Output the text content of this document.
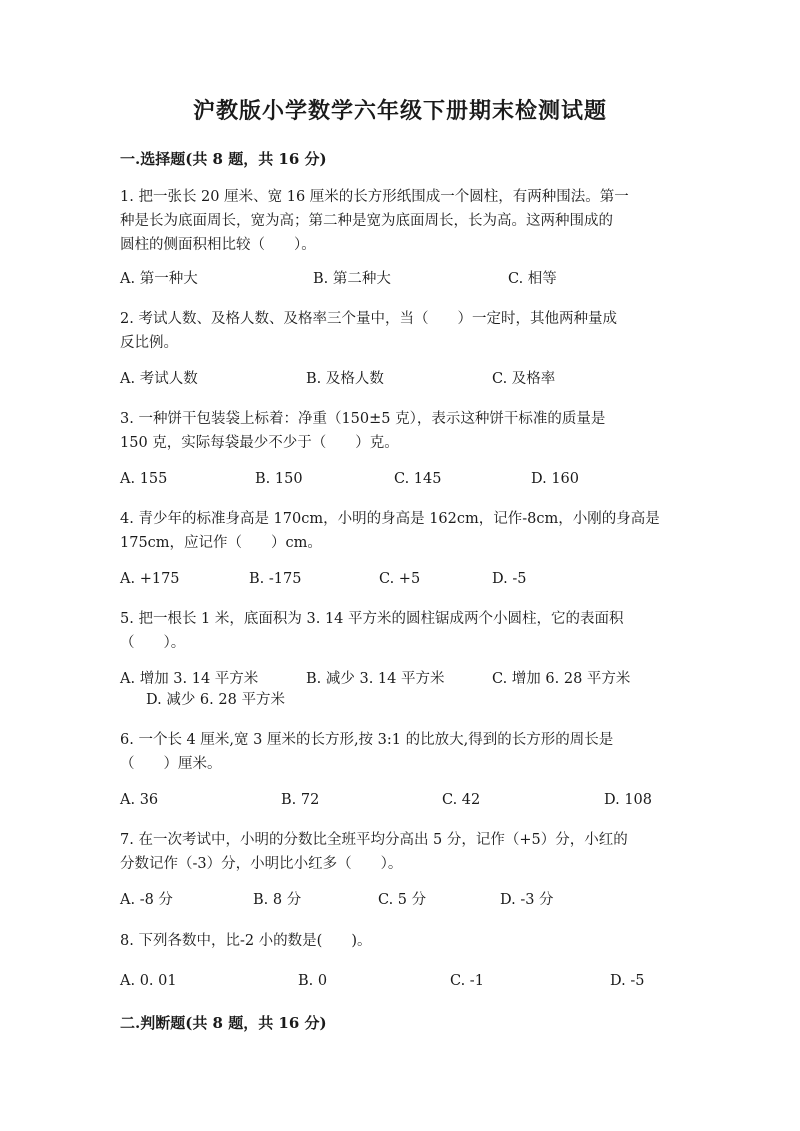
沪教版小学数学六年级下册期末检测试题
一.选择题(共 8 题，共 16 分)
1. 把一张长 20 厘米、宽 16 厘米的长方形纸围成一个圆柱，有两种围法。第一
种是长为底面周长，宽为高；第二种是宽为底面周长，长为高。这两种围成的
圆柱的侧面积相比较（　　）。
A. 第一种大	B. 第二种大	C. 相等
2. 考试人数、及格人数、及格率三个量中，当（　　）一定时，其他两种量成
反比例。
A. 考试人数	B. 及格人数	C. 及格率
3. 一种饼干包装袋上标着：净重（150±5 克），表示这种饼干标准的质量是
150 克，实际每袋最少不少于（　　）克。
A. 155	B. 150	C. 145	D. 160
4. 青少年的标准身高是 170cm，小明的身高是 162cm，记作-8cm，小刚的身高是
175cm，应记作（　　）cm。
A. +175	B. -175	C. +5	D. -5
5. 把一根长 1 米，底面积为 3. 14 平方米的圆柱锯成两个小圆柱，它的表面积
（　　）。
A. 增加 3. 14 平方米	B. 减少 3. 14 平方米	C. 增加 6. 28 平方米
D. 减少 6. 28 平方米
6. 一个长 4 厘米,宽 3 厘米的长方形,按 3:1 的比放大,得到的长方形的周长是
（　　）厘米。
A. 36	B. 72	C. 42	D. 108
7. 在一次考试中，小明的分数比全班平均分高出 5 分，记作（+5）分，小红的
分数记作（-3）分，小明比小红多（　　）。
A. -8 分	B. 8 分	C. 5 分	D. -3 分
8. 下列各数中，比-2 小的数是(　　)。
A. 0. 01	B. 0	C. -1	D. -5
二.判断题(共 8 题，共 16 分)
